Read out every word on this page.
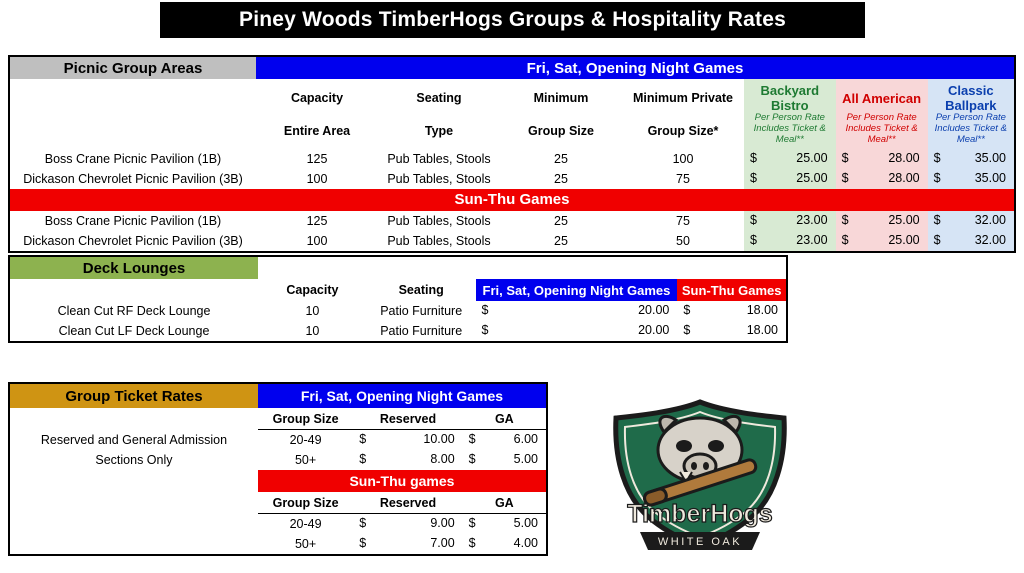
Piney Woods TimberHogs Groups & Hospitality Rates
Picnic Group Areas	Fri, Sat, Opening Night Games						
	Capacity	Seating	Minimum	Minimum Private	Backyard Bistro	All American	Classic Ballpark
	Entire Area	Type	Group Size	Group Size*	Per Person Rate Includes Ticket & Meal**	Per Person Rate Includes Ticket & Meal**	Per Person Rate Includes Ticket & Meal**
Boss Crane Picnic Pavilion (1B)	125	Pub Tables, Stools	25	100	$ 25.00	$ 28.00	$ 35.00

Dickason Chevrolet Picnic Pavilion (3B)	100	Pub Tables, Stools	25	75	$ 25.00	$ 28.00	$ 35.00

Sun-Thu Games							
Boss Crane Picnic Pavilion (1B)	125	Pub Tables, Stools	25	75	$ 23.00	$ 25.00	$ 32.00

Dickason Chevrolet Picnic Pavilion (3B)	100	Pub Tables, Stools	25	50	$ 23.00	$ 25.00	$ 32.00
Deck Lounges				
	Capacity	Seating	Fri, Sat, Opening Night Games	Sun-Thu Games
Clean Cut RF Deck Lounge	10	Patio Furniture	$ 20.00	$ 18.00

Clean Cut LF Deck Lounge	10	Patio Furniture	$ 20.00	$ 18.00
Group Ticket Rates	Fri, Sat, Opening Night Games		
	Group Size	Reserved	GA
Reserved and General Admission	20-49	$ 10.00	$ 6.00

Sections Only	50+	$ 8.00	$ 5.00

	Sun-Thu games		
	Group Size	Reserved	GA
	20-49	$ 9.00	$ 5.00

	50+	$ 7.00	$ 4.00
TimberHogs
WHITE OAK
